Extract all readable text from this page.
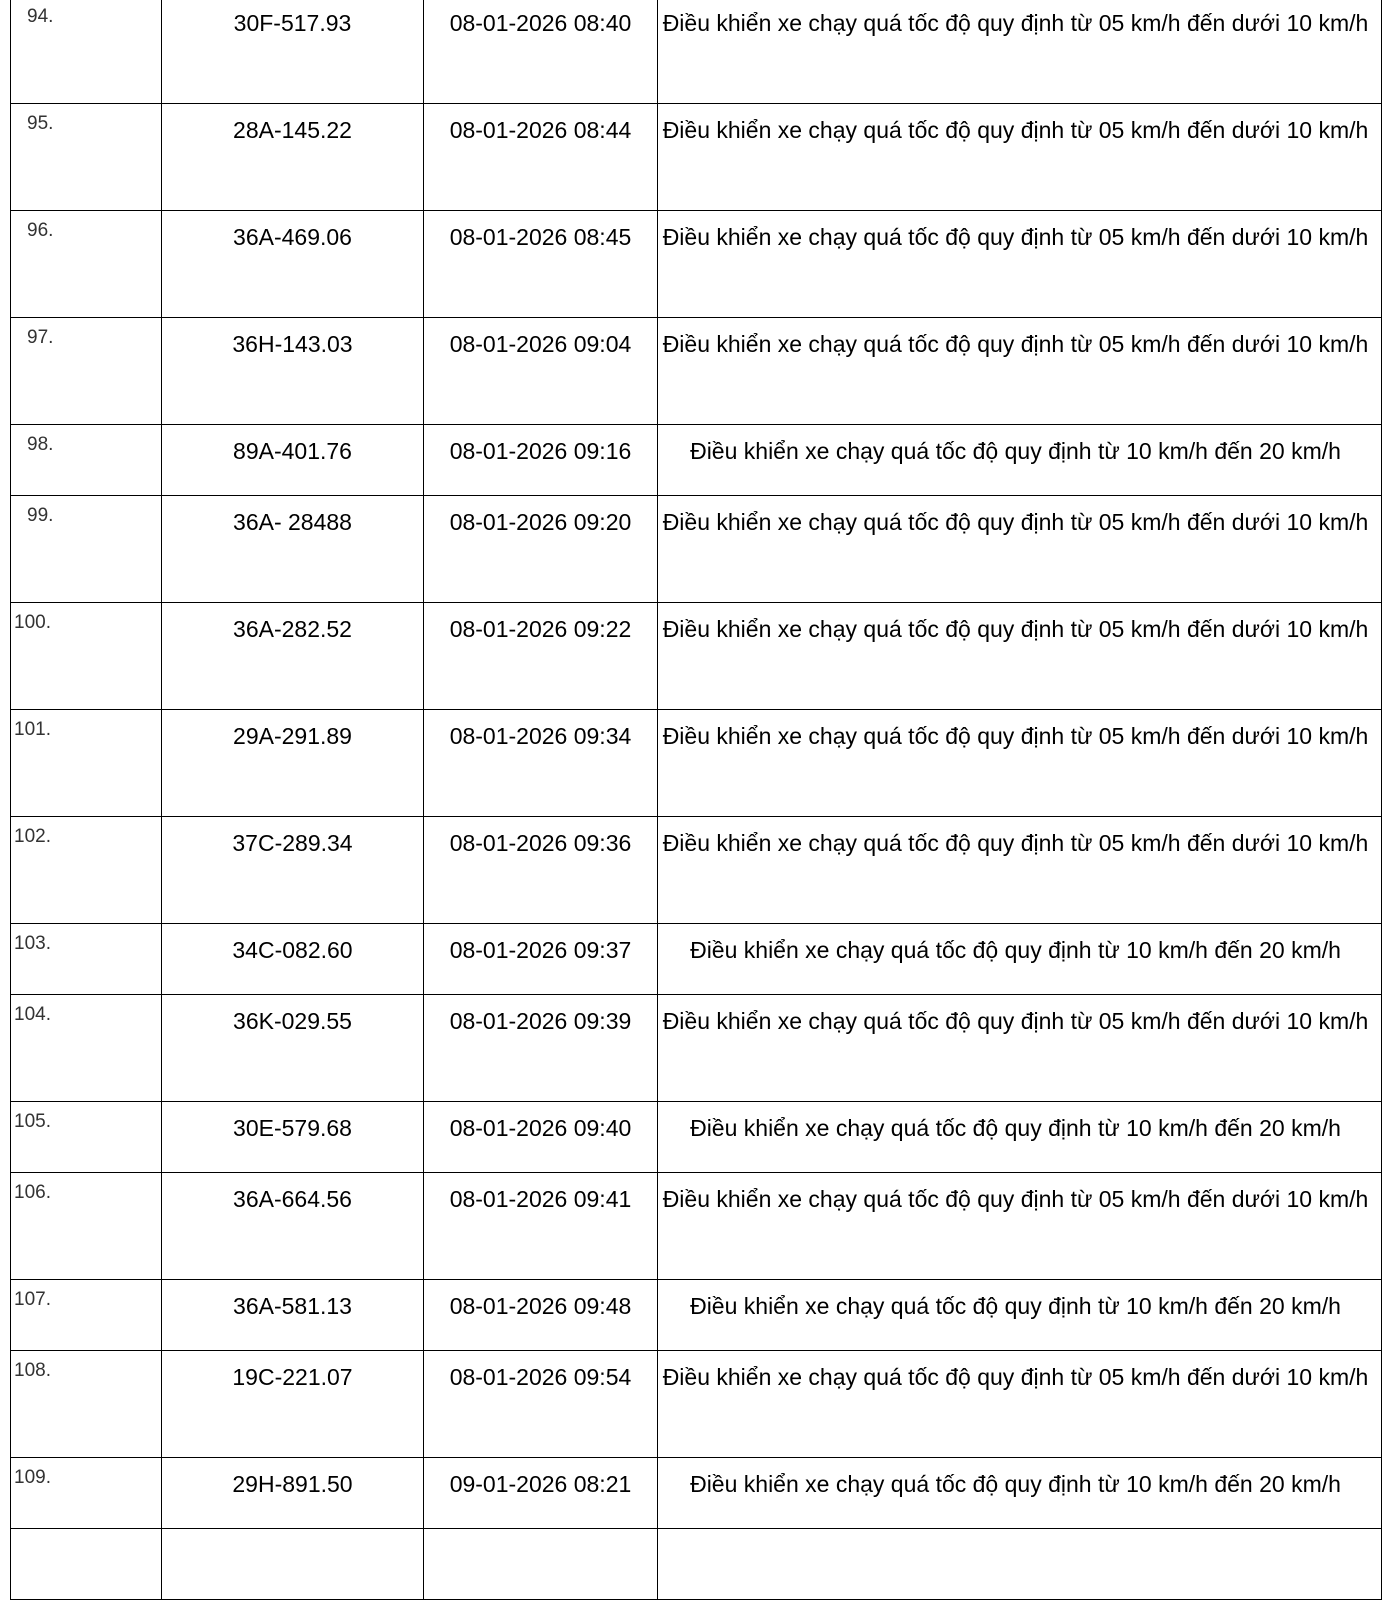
94.	30F-517.93	08-01-2026 08:40	Điều khiển xe chạy quá tốc độ quy định từ 05 km/h đến dưới 10 km/h

95.	28A-145.22	08-01-2026 08:44	Điều khiển xe chạy quá tốc độ quy định từ 05 km/h đến dưới 10 km/h

96.	36A-469.06	08-01-2026 08:45	Điều khiển xe chạy quá tốc độ quy định từ 05 km/h đến dưới 10 km/h

97.	36H-143.03	08-01-2026 09:04	Điều khiển xe chạy quá tốc độ quy định từ 05 km/h đến dưới 10 km/h

98.	89A-401.76	08-01-2026 09:16	Điều khiển xe chạy quá tốc độ quy định từ 10 km/h đến 20 km/h

99.	36A- 28488	08-01-2026 09:20	Điều khiển xe chạy quá tốc độ quy định từ 05 km/h đến dưới 10 km/h

100.	36A-282.52	08-01-2026 09:22	Điều khiển xe chạy quá tốc độ quy định từ 05 km/h đến dưới 10 km/h

101.	29A-291.89	08-01-2026 09:34	Điều khiển xe chạy quá tốc độ quy định từ 05 km/h đến dưới 10 km/h

102.	37C-289.34	08-01-2026 09:36	Điều khiển xe chạy quá tốc độ quy định từ 05 km/h đến dưới 10 km/h

103.	34C-082.60	08-01-2026 09:37	Điều khiển xe chạy quá tốc độ quy định từ 10 km/h đến 20 km/h

104.	36K-029.55	08-01-2026 09:39	Điều khiển xe chạy quá tốc độ quy định từ 05 km/h đến dưới 10 km/h

105.	30E-579.68	08-01-2026 09:40	Điều khiển xe chạy quá tốc độ quy định từ 10 km/h đến 20 km/h

106.	36A-664.56	08-01-2026 09:41	Điều khiển xe chạy quá tốc độ quy định từ 05 km/h đến dưới 10 km/h

107.	36A-581.13	08-01-2026 09:48	Điều khiển xe chạy quá tốc độ quy định từ 10 km/h đến 20 km/h

108.	19C-221.07	08-01-2026 09:54	Điều khiển xe chạy quá tốc độ quy định từ 05 km/h đến dưới 10 km/h

109.	29H-891.50	09-01-2026 08:21	Điều khiển xe chạy quá tốc độ quy định từ 10 km/h đến 20 km/h
